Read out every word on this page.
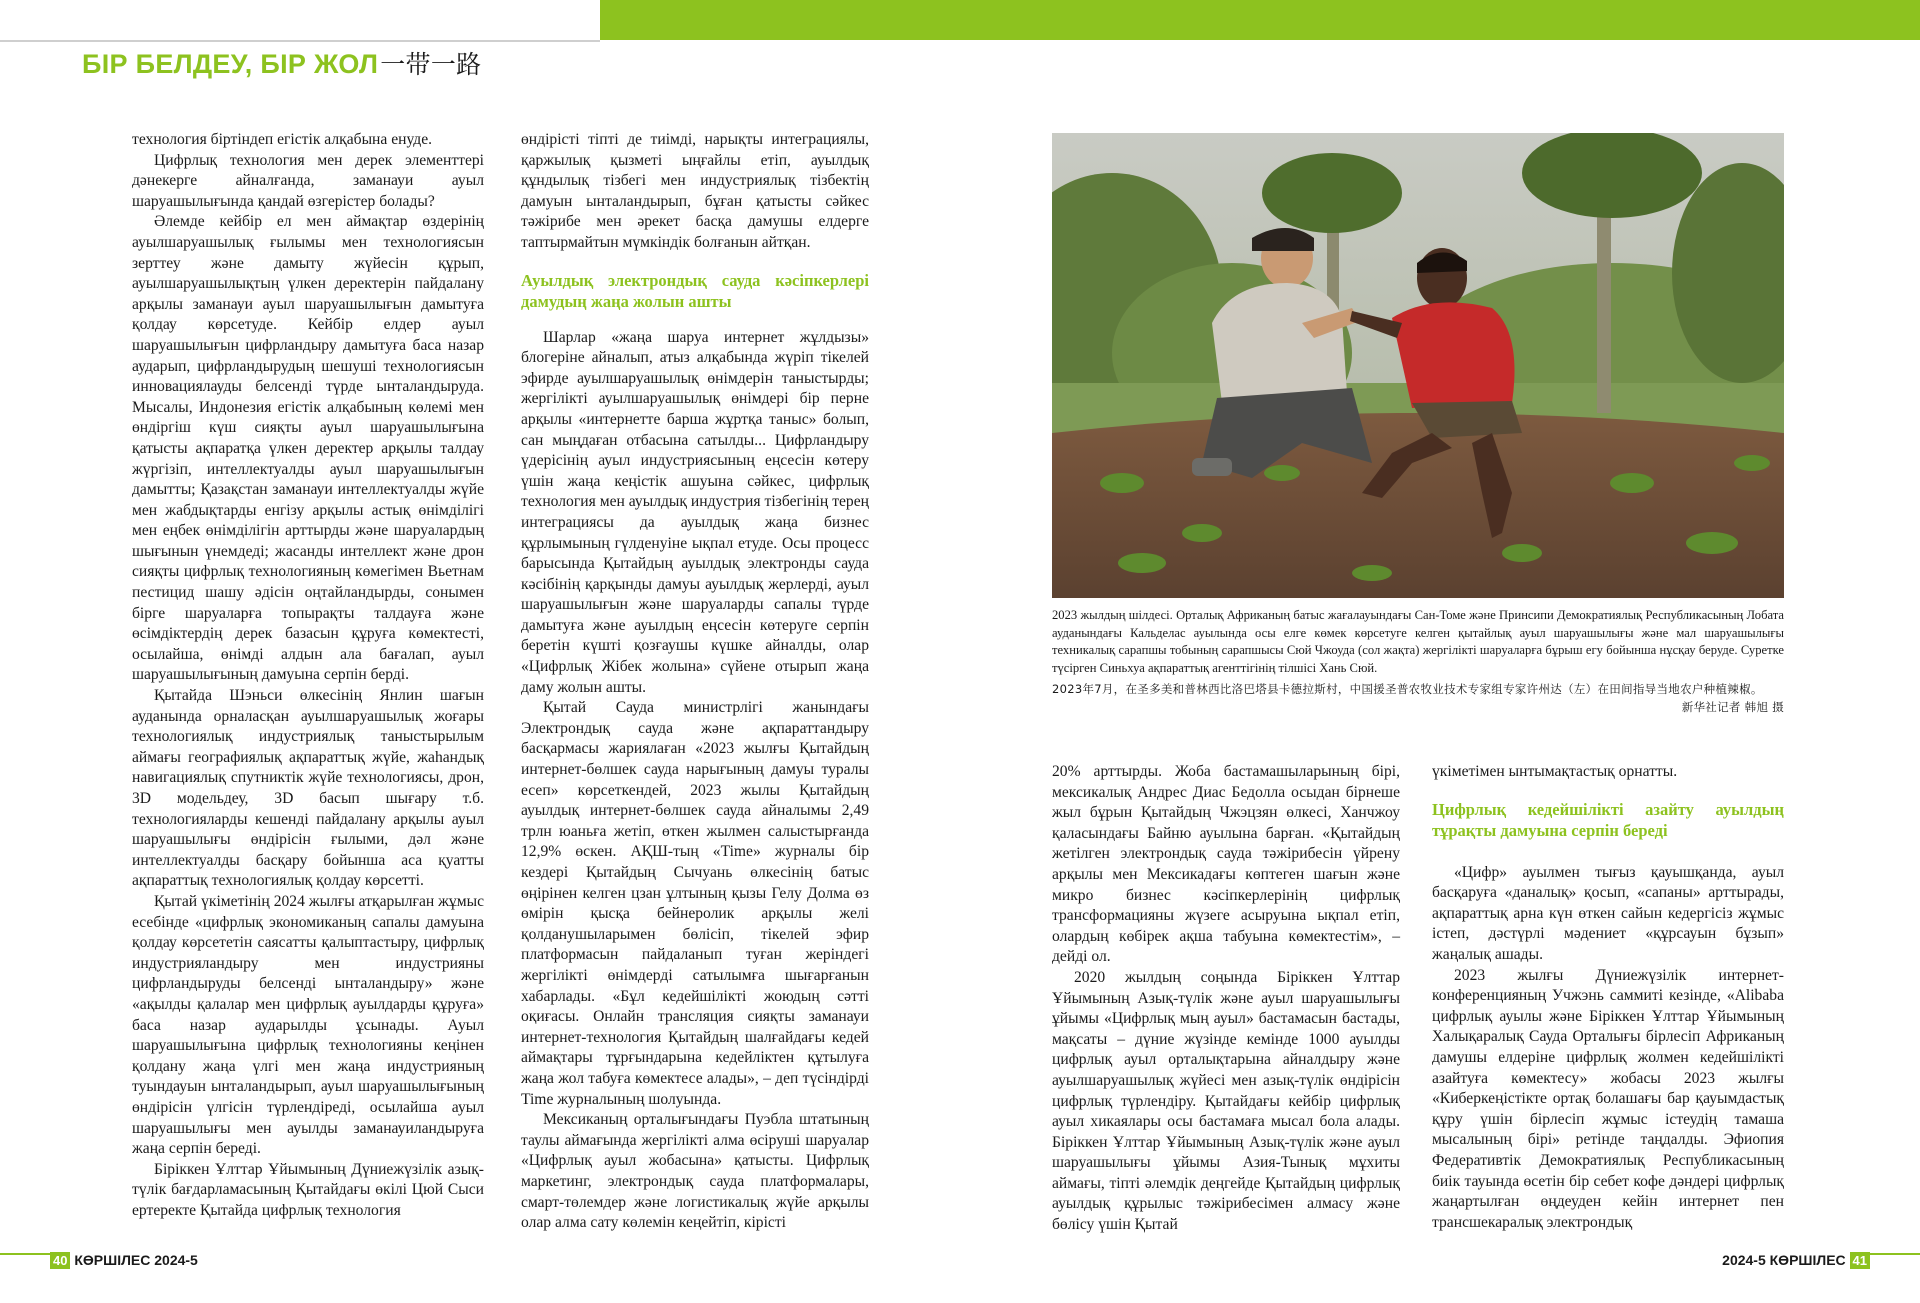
БІР БЕЛДЕУ, БІР ЖОЛ一带一路

технология біртіндеп егістік алқабына енуде.

Цифрлық технология мен дерек элементтері дәнекерге айналғанда, заманауи ауыл шаруашылығында қандай өзгерістер болады?

Әлемде кейбір ел мен аймақтар өздерінің ауылшаруашылық ғылымы мен технологиясын зерттеу және дамыту жүйесін құрып, ауылшаруашылықтың үлкен деректерін пайдалану арқылы заманауи ауыл шаруашылығын дамытуға қолдау көрсетуде. Кейбір елдер ауыл шаруашылығын цифрландыру дамытуға баса назар аударып, цифрландырудың шешуші технологиясын инновациялауды белсенді түрде ынталандыруда. Мысалы, Индонезия егістік алқабының көлемі мен өндіргіш күш сияқты ауыл шаруашылығына қатысты ақпаратқа үлкен деректер арқылы талдау жүргізіп, интеллектуалды ауыл шаруашылығын дамытты; Қазақстан заманауи интеллектуалды жүйе мен жабдықтарды енгізу арқылы астық өнімділігі мен еңбек өнімділігін арттырды және шаруалардың шығынын үнемдеді; жасанды интеллект және дрон сияқты цифрлық технологияның көмегімен Вьетнам пестицид шашу әдісін оңтайландырды, сонымен бірге шаруаларға топырақты талдауға және өсімдіктердің дерек базасын құруға көмектесті, осылайша, өнімді алдын ала бағалап, ауыл шаруашылығының дамуына серпін берді.

Қытайда Шэньси өлкесінің Янлин шағын ауданында орналасқан ауылшаруашылық жоғары технологиялық индустриялық таныстырылым аймағы географиялық ақпараттық жүйе, жаһандық навигациялық спутниктік жүйе технологиясы, дрон, 3D модельдеу, 3D басып шығару т.б. технологияларды кешенді пайдалану арқылы ауыл шаруашылығы өндірісін ғылыми, дәл және интеллектуалды басқару бойынша аса қуатты ақпараттық технологиялық қолдау көрсетті.

Қытай үкіметінің 2024 жылғы атқарылған жұмыс есебінде «цифрлық экономиканың сапалы дамуына қолдау көрсететін саясатты қалыптастыру, цифрлық индустрияландыру мен индустрияны цифрландыруды белсенді ынталандыру» және «ақылды қалалар мен цифрлық ауылдарды құруға» баса назар аударылды ұсынады. Ауыл шаруашылығына цифрлық технологияны кеңінен қолдану жаңа үлгі мен жаңа индустрияның туындауын ынталандырып, ауыл шаруашылығының өндірісін үлгісін түрлендіреді, осылайша ауыл шаруашылығы мен ауылды заманауиландыруға жаңа серпін береді.

Біріккен Ұлттар Ұйымының Дүниежүзілік азық-түлік бағдарламасының Қытайдағы өкілі Цюй Сыси ертеректе Қытайда цифрлық технология

өндірісті тіпті де тиімді, нарықты интеграциялы, қаржылық қызметі ыңғайлы етіп, ауылдық құндылық тізбегі мен индустриялық тізбектің дамуын ынталандырып, бұған қатысты сәйкес тәжірибе мен әрекет басқа дамушы елдерге таптырмайтын мүмкіндік болғанын айтқан.

Ауылдық электрондық сауда кәсіпкерлері дамудың жаңа жолын ашты

Шарлар «жаңа шаруа интернет жұлдызы» блогеріне айналып, атыз алқабында жүріп тікелей эфирде ауылшаруашылық өнімдерін таныстырды; жергілікті ауылшаруашылық өнімдері бір перне арқылы «интернетте барша жұртқа таныс» болып, сан мыңдаған отбасына сатылды... Цифрландыру үдерісінің ауыл индустриясының еңсесін көтеру үшін жаңа кеңістік ашуына сәйкес, цифрлық технология мен ауылдық индустрия тізбегінің терең интеграциясы да ауылдық жаңа бизнес құрлымының гүлденуіне ықпал етуде. Осы процесс барысында Қытайдың ауылдық электронды сауда кәсібінің қарқынды дамуы ауылдық жерлерді, ауыл шаруашылығын және шаруаларды сапалы түрде дамытуға және ауылдың еңсесін көтеруге серпін беретін күшті қозғаушы күшке айналды, олар «Цифрлық Жібек жолына» сүйене отырып жаңа даму жолын ашты.

Қытай Сауда министрлігі жанындағы Электрондық сауда және ақпараттандыру басқармасы жариялаған «2023 жылғы Қытайдың интернет-бөлшек сауда нарығының дамуы туралы есеп» көрсеткендей, 2023 жылы Қытайдың ауылдық интернет-бөлшек сауда айналымы 2,49 трлн юаньға жетіп, өткен жылмен салыстырғанда 12,9% өскен. АҚШ-тың «Time» журналы бір кездері Қытайдың Сычуань өлкесінің батыс өңірінен келген цзан ұлтының қызы Гелу Долма өз өмірін қысқа бейнеролик арқылы желі қолданушыларымен бөлісіп, тікелей эфир платформасын пайдаланып туған жеріндегі жергілікті өнімдерді сатылымға шығарғанын хабарлады. «Бұл кедейшілікті жоюдың сәтті оқиғасы. Онлайн трансляция сияқты заманауи интернет-технология Қытайдың шалғайдағы кедей аймақтары тұрғындарына кедейліктен құтылуға жаңа жол табуға көмектесе алады», – деп түсіндірді Time журналының шолуында.

Мексиканың орталығындағы Пуэбла штатының таулы аймағында жергілікті алма өсіруші шаруалар «Цифрлық ауыл жобасына» қатысты. Цифрлық маркетинг, электрондық сауда платформалары, смарт-төлемдер және логистикалық жүйе арқылы олар алма сату көлемін кеңейтіп, кірісті

2023 жылдың шілдесі. Орталық Африканың батыс жағалауындағы Сан-Томе және Принсипи Демократиялық Республикасының Лобата ауданындағы Кальделас ауылында осы елге көмек көрсетуге келген қытайлық ауыл шаруашылығы және мал шаруашылығы техникалық сарапшы тобының сарапшысы Сюй Чжоуда (сол жақта) жергілікті шаруаларға бұрыш егу бойынша нұсқау беруде. Суретке түсірген Синьхуа ақпараттық агенттігінің тілшісі Хань Сюй.

2023年7月，在圣多美和普林西比洛巴塔县卡德拉斯村，中国援圣普农牧业技术专家组专家许州达（左）在田间指导当地农户种植辣椒。

新华社记者 韩旭 摄

20% арттырды. Жоба бастамашыларының бірі, мексикалық Андрес Диас Бедолла осыдан бірнеше жыл бұрын Қытайдың Чжэцзян өлкесі, Ханчжоу қаласындағы Байню ауылына барған. «Қытайдың жетілген электрондық сауда тәжірибесін үйрену арқылы мен Мексикадағы көптеген шағын және микро бизнес кәсіпкерлерінің цифрлық трансформацияны жүзеге асыруына ықпал етіп, олардың көбірек ақша табуына көмектестім», – дейді ол.

2020 жылдың соңында Біріккен Ұлттар Ұйымының Азық-түлік және ауыл шаруашылығы ұйымы «Цифрлық мың ауыл» бастамасын бастады, мақсаты – дүние жүзінде кемінде 1000 ауылды цифрлық ауыл орталықтарына айналдыру және ауылшаруашылық жүйесі мен азық-түлік өндірісін цифрлық түрлендіру. Қытайдағы кейбір цифрлық ауыл хикаялары осы бастамаға мысал бола алады. Біріккен Ұлттар Ұйымының Азық-түлік және ауыл шаруашылығы ұйымы Азия-Тынық мұхиты аймағы, тіпті әлемдік деңгейде Қытайдың цифрлық ауылдық құрылыс тәжірибесімен алмасу және бөлісу үшін Қытай

үкіметімен ынтымақтастық орнатты.

Цифрлық кедейшілікті азайту ауылдың тұрақты дамуына серпін береді

«Цифр» ауылмен тығыз қауышқанда, ауыл басқаруға «даналық» қосып, «сапаны» арттырады, ақпараттық арна күн өткен сайын кедергісіз жұмыс істеп, дәстүрлі мәдениет «құрсауын бұзып» жаңалық ашады.

2023 жылғы Дүниежүзілік интернет-конференцияның Учжэнь саммиті кезінде, «Alibaba цифрлық ауылы және Біріккен Ұлттар Ұйымының Халықаралық Сауда Орталығы бірлесіп Африканың дамушы елдеріне цифрлық жолмен кедейшілікті азайтуға көмектесу» жобасы 2023 жылғы «Киберкеңістікте ортақ болашағы бар қауымдастық құру үшін бірлесіп жұмыс істеудің тамаша мысалының бірі» ретінде таңдалды. Эфиопия Федеративтік Демократиялық Республикасының биік тауында өсетін бір себет кофе дәндері цифрлық жаңартылған өңдеуден кейін интернет пен трансшекаралық электрондық

40 КӨРШІЛЕС 2024-5	2024-5 КӨРШІЛЕС 41
